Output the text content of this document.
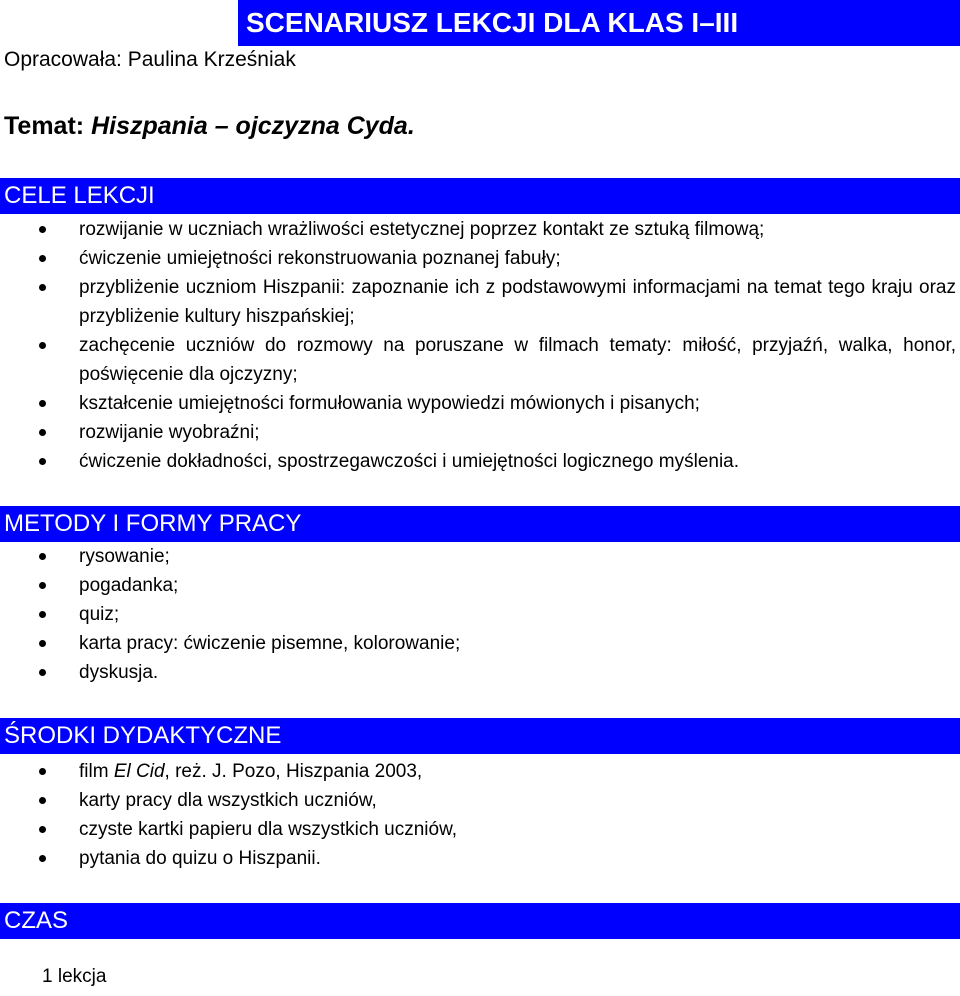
SCENARIUSZ LEKCJI DLA KLAS I–III
Opracowała: Paulina Krześniak
Temat: Hiszpania – ojczyzna Cyda.
CELE LEKCJI
rozwijanie w uczniach wrażliwości estetycznej poprzez kontakt ze sztuką filmową;
ćwiczenie umiejętności rekonstruowania poznanej fabuły;
przybliżenie uczniom Hiszpanii: zapoznanie ich z podstawowymi informacjami na temat tego kraju oraz przybliżenie kultury hiszpańskiej;
zachęcenie uczniów do rozmowy na poruszane w filmach tematy: miłość, przyjaźń, walka, honor, poświęcenie dla ojczyzny;
kształcenie umiejętności formułowania wypowiedzi mówionych i pisanych;
rozwijanie wyobraźni;
ćwiczenie dokładności, spostrzegawczości i umiejętności logicznego myślenia.
METODY I FORMY PRACY
rysowanie;
pogadanka;
quiz;
karta pracy: ćwiczenie pisemne, kolorowanie;
dyskusja.
ŚRODKI DYDAKTYCZNE
film El Cid, reż. J. Pozo, Hiszpania 2003,
karty pracy dla wszystkich uczniów,
czyste kartki papieru dla wszystkich uczniów,
pytania do quizu o Hiszpanii.
CZAS
1 lekcja
